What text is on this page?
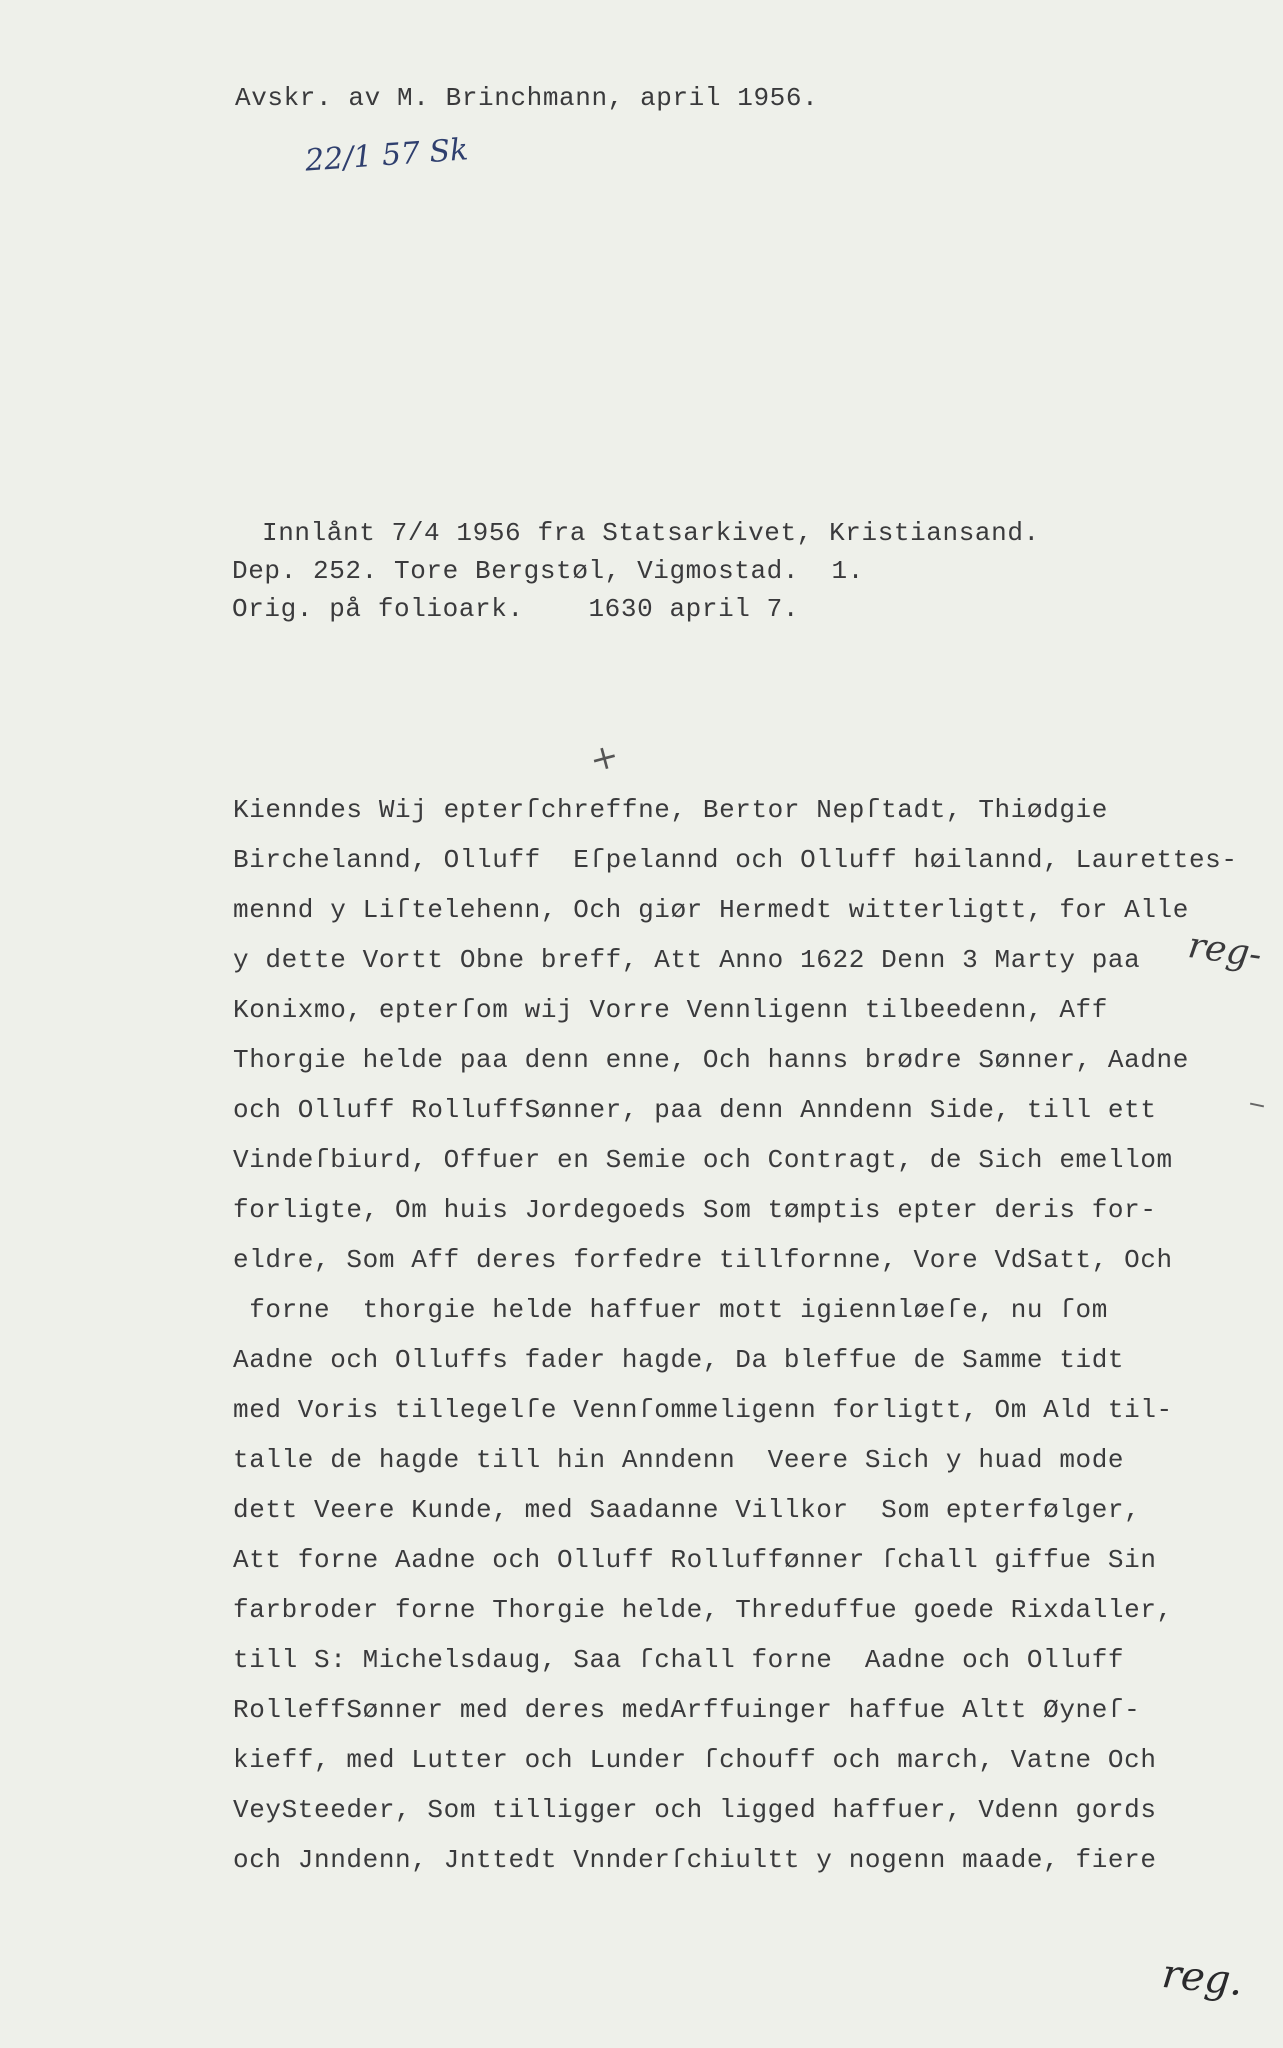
Avskr. av M. Brinchmann, april 1956.
22/1 57 Sk
Innlånt 7/4 1956 fra Statsarkivet, Kristiansand.
Dep. 252. Tore Bergstøl, Vigmostad.  1.
Orig. på folioark.    1630 april 7.
+
Kienndes Wij epterſchreffne, Bertor Nepſtadt, Thiødgie
Birchelannd, Olluff  Eſpelannd och Olluff høilannd, Laurettes-
mennd y Liſtelehenn, Och giør Hermedt witterligtt, for Alle
y dette Vortt Obne breff, Att Anno 1622 Denn 3 Marty paa
Konixmo, epterſom wij Vorre Vennligenn tilbeedenn, Aff
Thorgie helde paa denn enne, Och hanns brødre Sønner, Aadne
och Olluff RolluffSønner, paa denn Anndenn Side, till ett
Vindeſbiurd, Offuer en Semie och Contragt, de Sich emellom
forligte, Om huis Jordegoeds Som tømptis epter deris for-
eldre, Som Aff deres forfedre tillfornne, Vore VdSatt, Och
forne  thorgie helde haffuer mott igiennløeſe, nu ſom
Aadne och Olluffs fader hagde, Da bleffue de Samme tidt
med Voris tillegelſe Vennſommeligenn forligtt, Om Ald til-
talle de hagde till hin Anndenn  Veere Sich y huad mode
dett Veere Kunde, med Saadanne Villkor  Som epterfølger,
Att forne Aadne och Olluff Rolluffønner ſchall giffue Sin
farbroder forne Thorgie helde, Threduffue goede Rixdaller,
till S: Michelsdaug, Saa ſchall forne  Aadne och Olluff
RolleffSønner med deres medArffuinger haffue Altt Øyneſ-
kieff, med Lutter och Lunder ſchouff och march, Vatne Och
VeySteeder, Som tilligger och ligged haffuer, Vdenn gords
och Jnndenn, Jnttedt Vnnderſchiultt y nogenn maade, fiere
reg-
reg.
